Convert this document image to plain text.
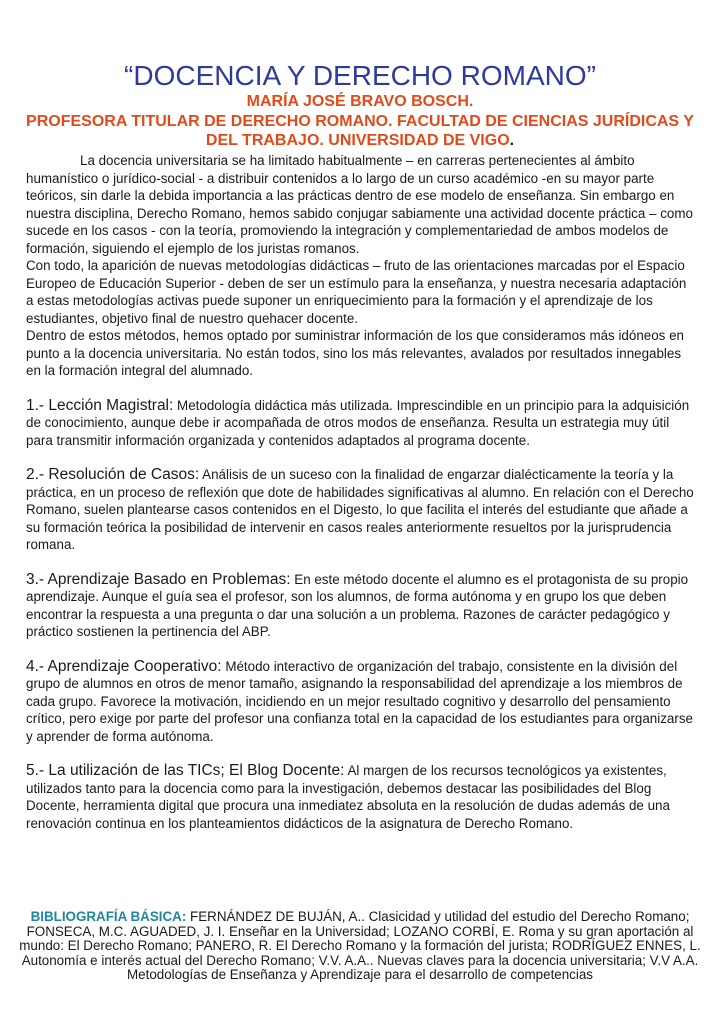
“DOCENCIA Y DERECHO ROMANO”
MARÍA JOSÉ BRAVO BOSCH.
PROFESORA TITULAR DE DERECHO ROMANO. FACULTAD DE CIENCIAS JURÍDICAS Y DEL TRABAJO. UNIVERSIDAD DE VIGO.

La docencia universitaria se ha limitado habitualmente – en carreras pertenecientes al ámbito humanístico o jurídico-social - a distribuir contenidos a lo largo de un curso académico -en su mayor parte teóricos, sin darle la debida importancia a las prácticas dentro de ese modelo de enseñanza. Sin embargo en nuestra disciplina, Derecho Romano, hemos sabido conjugar sabiamente una actividad docente práctica – como sucede en los casos - con la teoría, promoviendo la integración y complementariedad de ambos modelos de formación, siguiendo el ejemplo de los juristas romanos.

Con todo, la aparición de nuevas metodologías didácticas – fruto de las orientaciones marcadas por el Espacio Europeo de Educación Superior - deben de ser un estímulo para la enseñanza, y nuestra necesaria adaptación a estas metodologías activas puede suponer un enriquecimiento para la formación y el aprendizaje de los estudiantes, objetivo final de nuestro quehacer docente.

Dentro de estos métodos, hemos optado por suministrar información de los que consideramos más idóneos en punto a la docencia universitaria. No están todos, sino los más relevantes, avalados por resultados innegables en la formación integral del alumnado.

1.- Lección Magistral: Metodología didáctica más utilizada. Imprescindible en un principio para la adquisición de conocimiento, aunque debe ir acompañada de otros modos de enseñanza. Resulta un estrategia muy útil para transmitir información organizada y contenidos adaptados al programa docente.
2.- Resolución de Casos: Análisis de un suceso con la finalidad de engarzar dialécticamente la teoría y la práctica, en un proceso de reflexión que dote de habilidades significativas al alumno. En relación con el Derecho Romano, suelen plantearse casos contenidos en el Digesto, lo que facilita el interés del estudiante que añade a su formación teórica la posibilidad de intervenir en casos reales anteriormente resueltos por la jurisprudencia romana.
3.- Aprendizaje Basado en Problemas: En este método docente el alumno es el protagonista de su propio aprendizaje. Aunque el guía sea el profesor, son los alumnos, de forma autónoma y en grupo los que deben encontrar la respuesta a una pregunta o dar una solución a un problema. Razones de carácter pedagógico y práctico sostienen la pertinencia del ABP.
4.- Aprendizaje Cooperativo: Método interactivo de organización del trabajo, consistente en la división del grupo de alumnos en otros de menor tamaño, asignando la responsabilidad del aprendizaje a los miembros de cada grupo. Favorece la motivación, incidiendo en un mejor resultado cognitivo y desarrollo del pensamiento crítico, pero exige por parte del profesor una confianza total en la capacidad de los estudiantes para organizarse y aprender de forma autónoma.
5.- La utilización de las TICs; El Blog Docente: Al margen de los recursos tecnológicos ya existentes, utilizados tanto para la docencia como para la investigación, debemos destacar las posibilidades del Blog Docente, herramienta digital que procura una inmediatez absoluta en la resolución de dudas además de una renovación continua en los planteamientos didácticos de la asignatura de Derecho Romano.
BIBLIOGRAFÍA BÁSICA: FERNÁNDEZ DE BUJÁN, A.. Clasicidad y utilidad del estudio del Derecho Romano; FONSECA, M.C. AGUADED, J. I. Enseñar en la Universidad; LOZANO CORBÍ, E. Roma y su gran aportación al mundo: El Derecho Romano; PANERO, R. El Derecho Romano y la formación del jurista; RODRÍGUEZ ENNES, L. Autonomía e interés actual del Derecho Romano; V.V. A.A.. Nuevas claves para la docencia universitaria; V.V A.A. Metodologías de Enseñanza y Aprendizaje para el desarrollo de competencias
